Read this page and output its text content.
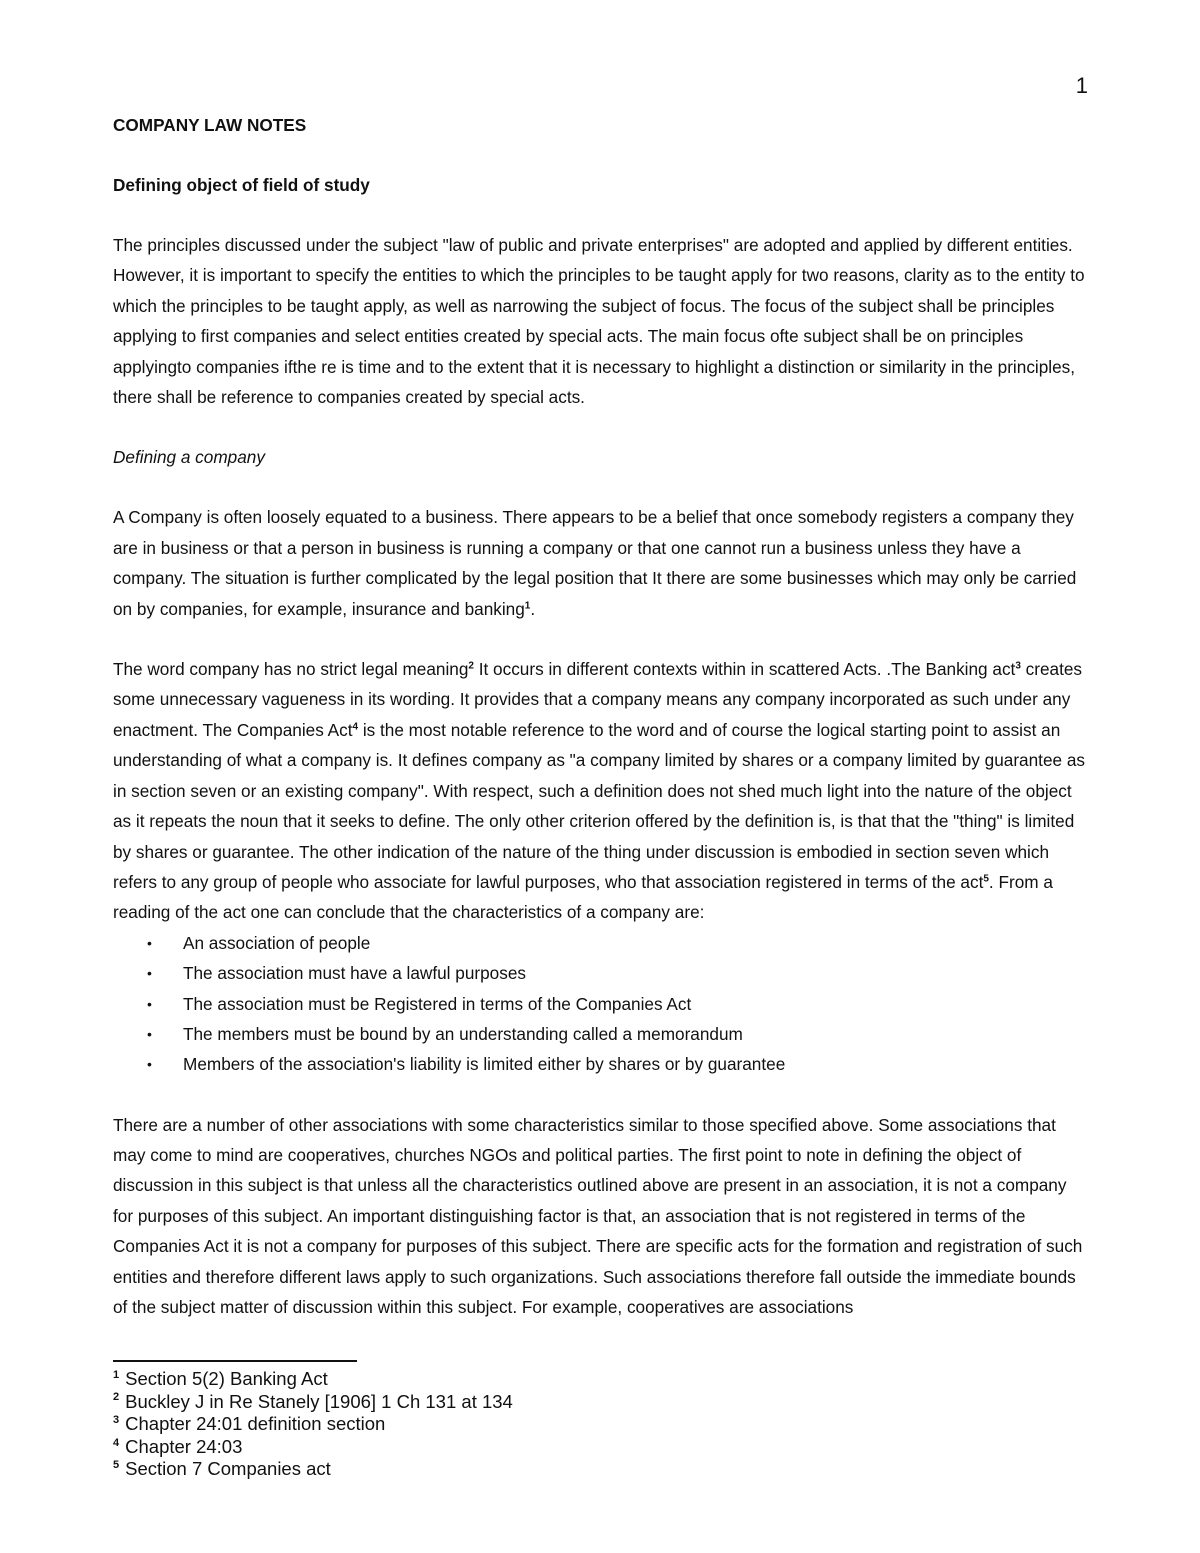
1
COMPANY LAW NOTES
Defining object of field of study

The principles discussed under the subject "law of public and private enterprises" are adopted and applied by different entities. However, it is important to specify the entities to which the principles to be taught apply for two reasons, clarity as to the entity to which the principles to be taught apply, as well as narrowing the subject of focus. The focus of the subject shall be principles applying to first companies and select entities created by special acts. The main focus ofte subject shall be on principles applyingto companies ifthe re is time and to the extent that it is necessary to highlight a distinction or similarity in the principles, there shall be reference to companies created by special acts.

Defining a company

A Company is often loosely equated to a business. There appears to be a belief that once somebody registers a company they are in business or that a person in business is running a company or that one cannot run a business unless they have a company. The situation is further complicated by the legal position that It there are some businesses which may only be carried on by companies, for example, insurance and banking$^1$.

The word company has no strict legal meaning$^2$ It occurs in different contexts within in scattered Acts. .The Banking act$^3$ creates some unnecessary vagueness in its wording. It provides that a company means any company incorporated as such under any enactment. The Companies Act$^4$ is the most notable reference to the word and of course the logical starting point to assist an understanding of what a company is. It defines company as "a company limited by shares or a company limited by guarantee as in section seven or an existing company". With respect, such a definition does not shed much light into the nature of the object as it repeats the noun that it seeks to define. The only other criterion offered by the definition is, is that that the "thing" is limited by shares or guarantee. The other indication of the nature of the thing under discussion is embodied in section seven which refers to any group of people who associate for lawful purposes, who that association registered in terms of the act$^5$. From a reading of the act one can conclude that the characteristics of a company are:

• An association of people
• The association must have a lawful purposes
• The association must be Registered in terms of the Companies Act
• The members must be bound by an understanding called a memorandum
• Members of the association's liability is limited either by shares or by guarantee

There are a number of other associations with some characteristics similar to those specified above. Some associations that may come to mind are cooperatives, churches NGOs and political parties. The first point to note in defining the object of discussion in this subject is that unless all the characteristics outlined above are present in an association, it is not a company for purposes of this subject. An important distinguishing factor is that, an association that is not registered in terms of the Companies Act it is not a company for purposes of this subject. There are specific acts for the formation and registration of such entities and therefore different laws apply to such organizations. Such associations therefore fall outside the immediate bounds of the subject matter of discussion within this subject. For example, cooperatives are associations

$^1$ Section 5(2) Banking Act
$^2$ Buckley J in Re Stanely [1906] 1 Ch 131 at 134
$^3$ Chapter 24:01 definition section
$^4$ Chapter 24:03
$^5$ Section 7 Companies act
